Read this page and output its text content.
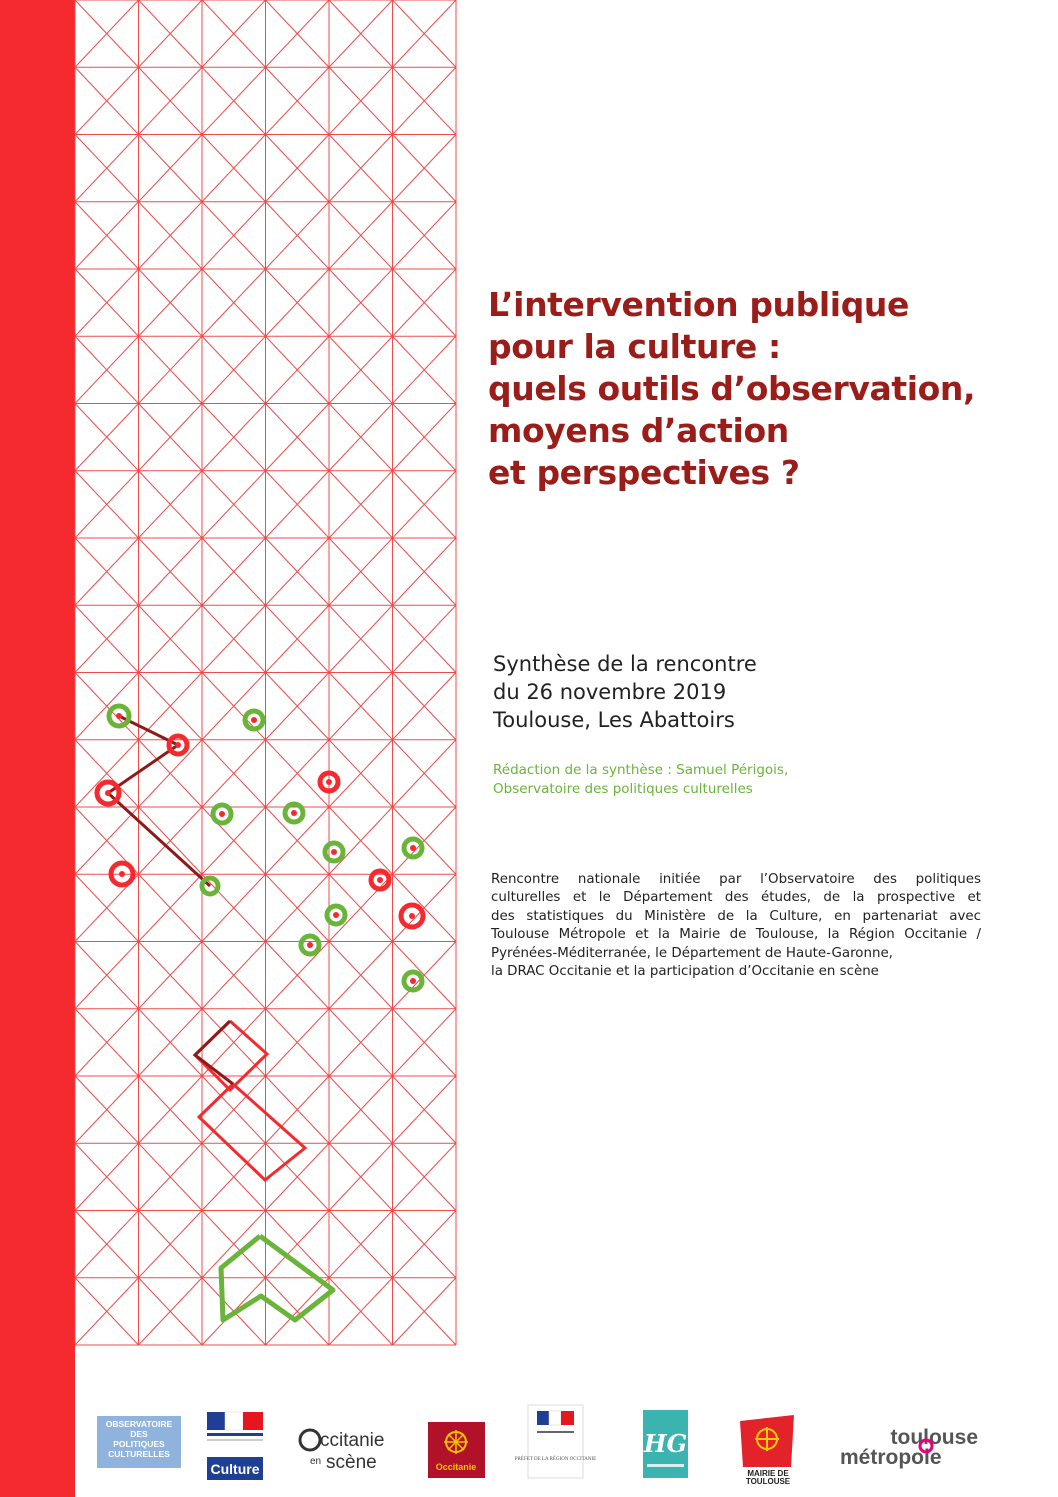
L’intervention publique
pour la culture :
quels outils d’observation,
moyens d’action
et perspectives ?
Synthèse de la rencontre
du 26 novembre 2019
Toulouse, Les Abattoirs
Rédaction de la synthèse : Samuel Périgois,
Observatoire des politiques culturelles

Rencontre nationale initiée par l’Observatoire des politiques
culturelles et le Département des études, de la prospective et
des statistiques du Ministère de la Culture, en partenariat avec
Toulouse Métropole et la Mairie de Toulouse, la Région Occitanie /
Pyrénées-Méditerranée, le Département de Haute-Garonne,
la DRAC Occitanie et la participation d’Occitanie en scène

OBSERVATOIRE
DES
POLITIQUES
CULTURELLES
Culture
ccitanie
en scène	Occitanie
PRÉFET DE LA RÉGION OCCITANIE
HG
MAIRIE DE
TOULOUSE
toulouse
métropole
